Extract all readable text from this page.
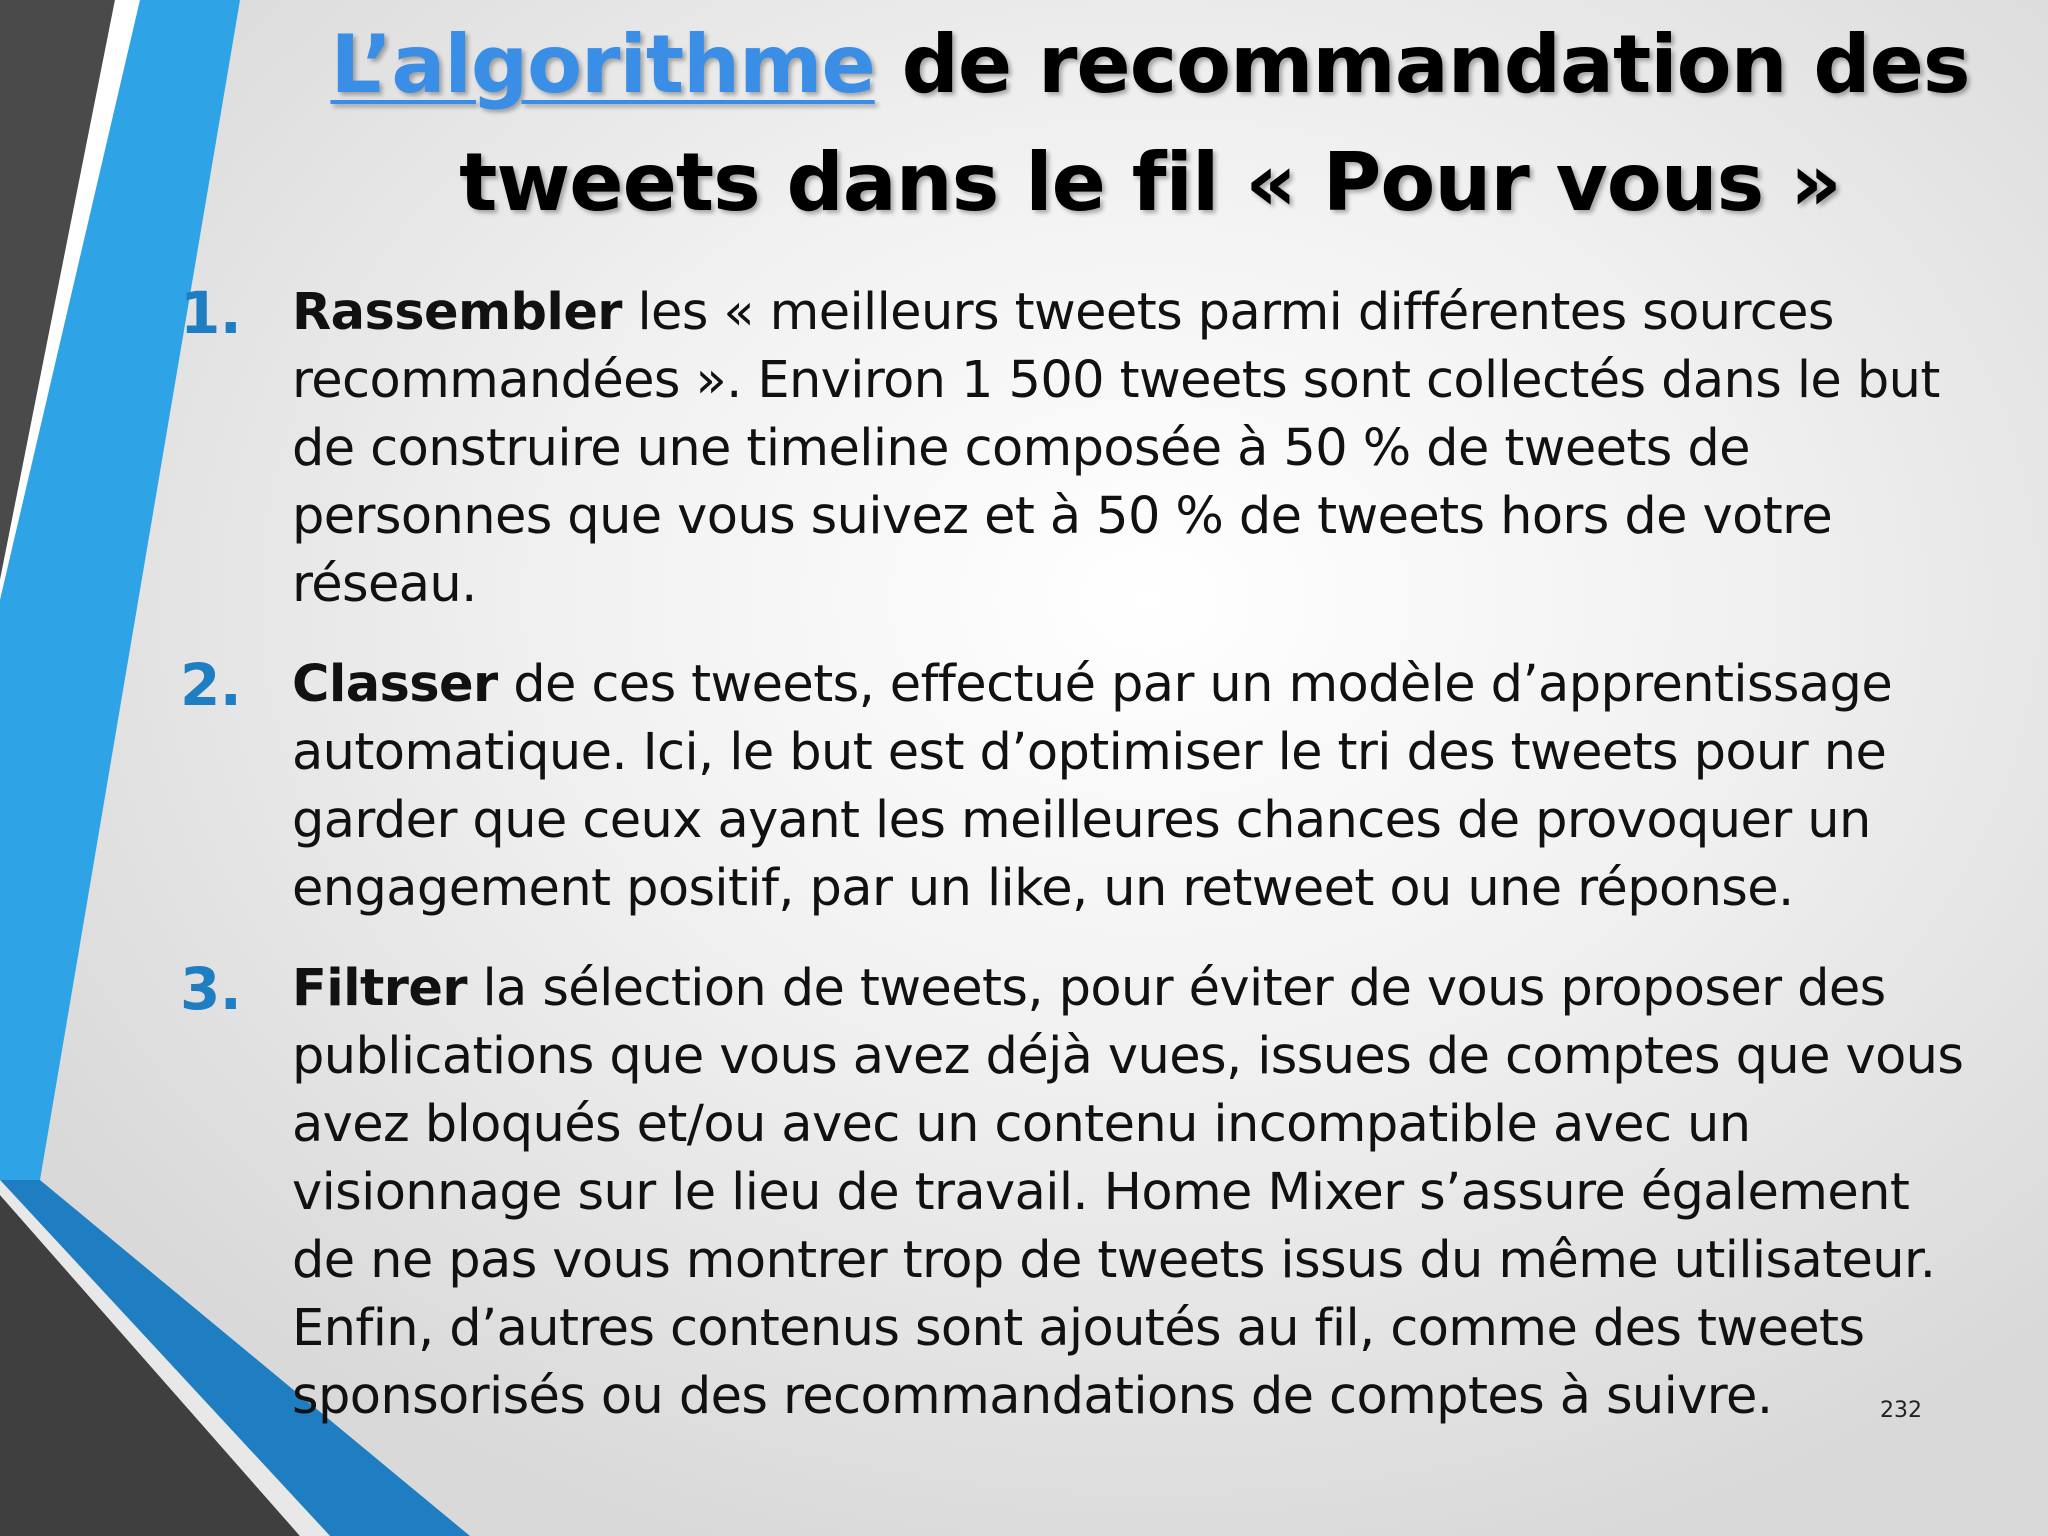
L’algorithme de recommandation des
tweets dans le fil « Pour vous »
1. Rassembler les « meilleurs tweets parmi différentes sources recommandées ». Environ 1 500 tweets sont collectés dans le but de construire une timeline composée à 50 % de tweets de personnes que vous suivez et à 50 % de tweets hors de votre réseau.
2. Classer de ces tweets, effectué par un modèle d’apprentissage automatique. Ici, le but est d’optimiser le tri des tweets pour ne garder que ceux ayant les meilleures chances de provoquer un engagement positif, par un like, un retweet ou une réponse.
3. Filtrer la sélection de tweets, pour éviter de vous proposer des publications que vous avez déjà vues, issues de comptes que vous avez bloqués et/ou avec un contenu incompatible avec un visionnage sur le lieu de travail. Home Mixer s’assure également de ne pas vous montrer trop de tweets issus du même utilisateur. Enfin, d’autres contenus sont ajoutés au fil, comme des tweets sponsorisés ou des recommandations de comptes à suivre.	232
